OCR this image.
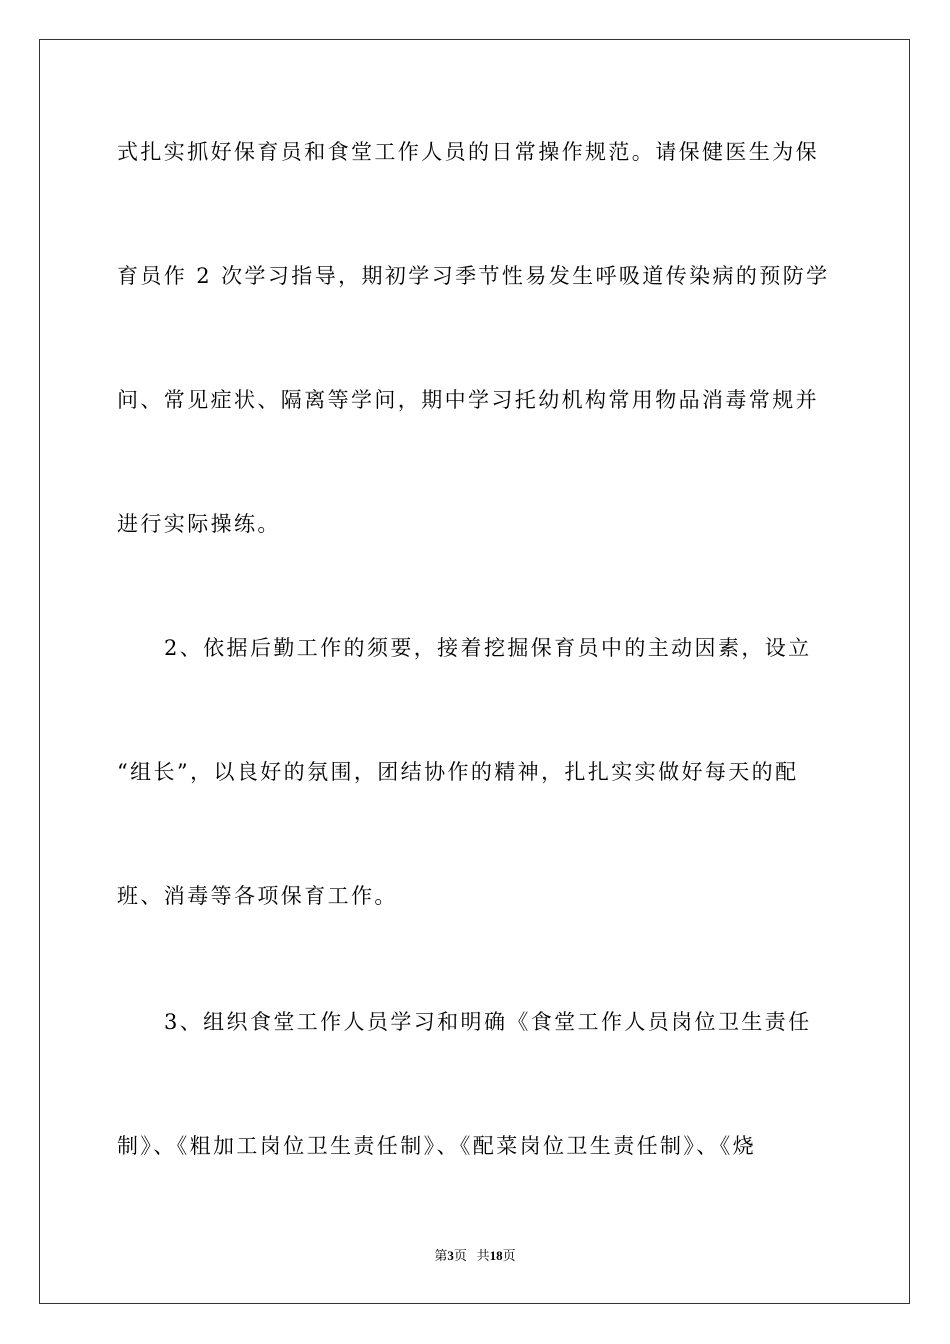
式扎实抓好保育员和食堂工作人员的日常操作规范。请保健医生为保
育员作 2 次学习指导，期初学习季节性易发生呼吸道传染病的预防学
问、常见症状、隔离等学问，期中学习托幼机构常用物品消毒常规并
进行实际操练。
2、依据后勤工作的须要，接着挖掘保育员中的主动因素，设立
“组长”，以良好的氛围，团结协作的精神，扎扎实实做好每天的配
班、消毒等各项保育工作。
3、组织食堂工作人员学习和明确《食堂工作人员岗位卫生责任
制》、《粗加工岗位卫生责任制》、《配菜岗位卫生责任制》、《烧
第3页 共18页
